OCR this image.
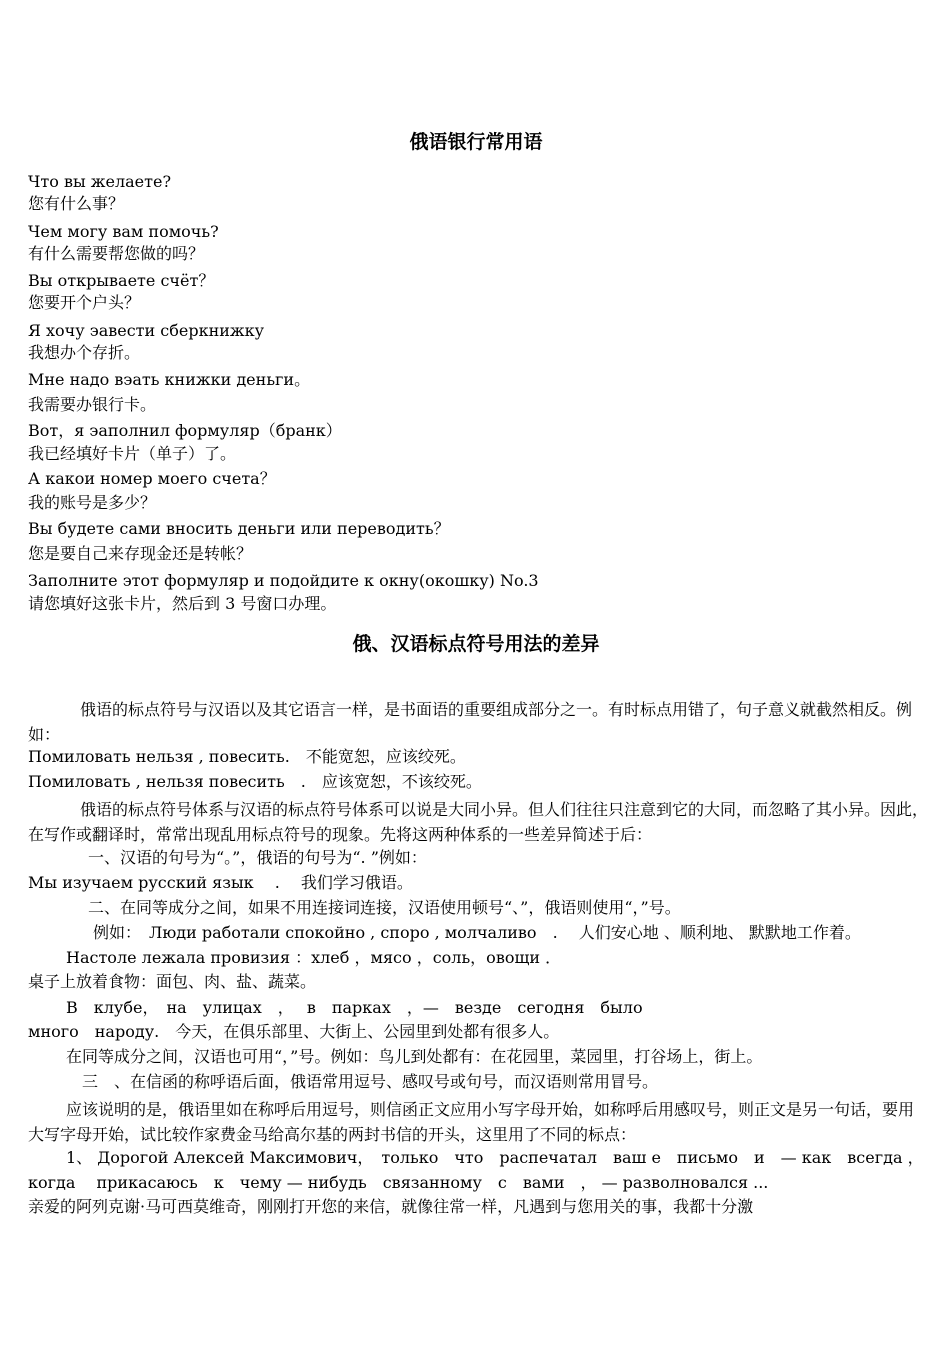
俄语银行常用语
Что вы желаете?
您有什么事？
Чем могу вам помочь?
有什么需要帮您做的吗？
Вы открываете счёт？
您要开个户头？
Я хочу эавести сберкнижку
我想办个存折。
Мне надо вэать книжки деньги。
我需要办银行卡。
Вот，я эаполнил формуляр（бранк）
我已经填好卡片（单子）了。
А какои номер моего счета？
我的账号是多少？
Вы будете сами вносить деньги или переводить？
您是要自己来存现金还是转帐？
Заполните этот формуляр и подойдите к окну(окошку) No.3
请您填好这张卡片，然后到 3 号窗口办理。
俄、汉语标点符号用法的差异
俄语的标点符号与汉语以及其它语言一样，是书面语的重要组成部分之一。有时标点用错了，句子意义就截然相反。例如：
Помиловать нельзя , повесить.　不能宽恕，应该绞死。
Помиловать , нельзя повесить　.　应该宽恕，不该绞死。
俄语的标点符号体系与汉语的标点符号体系可以说是大同小异。但人们往往只注意到它的大同，而忽略了其小异。因此，在写作或翻译时，常常出现乱用标点符号的现象。先将这两种体系的一些差异简述于后：
一、汉语的句号为“。”，俄语的句号为“. ”例如：
Мы изучаем русский язык　 .　 我们学习俄语。
二、在同等成分之间，如果不用连接词连接，汉语使用顿号“、”，俄语则使用“，”号。
例如：　Люди работали спокойно , споро , молчаливо　.　 人们安心地 、顺利地、 默默地工作着。
Настоле лежала провизия ：хлеб ，мясо ，соль，овощи ．
桌子上放着食物：面包、肉、盐、蔬菜。
В　клубе，　на　улицах　，　 в　парках　，—　везде　сегодня　было
много　народу.　今天，在俱乐部里、大街上、公园里到处都有很多人。
在同等成分之间，汉语也可用“，”号。例如：鸟儿到处都有：在花园里，菜园里，打谷场上，街上。
三　、在信函的称呼语后面，俄语常用逗号、感叹号或句号，而汉语则常用冒号。
应该说明的是，俄语里如在称呼后用逗号，则信函正文应用小写字母开始，如称呼后用感叹号，则正文是另一句话，要用大写字母开始，试比较作家费金马给高尔基的两封书信的开头，这里用了不同的标点：
1、 Дорогой Алексей Максимович，　только　что　распечатал　ваш е　письмо　и　— как　всегда ，
когда　 прикасаюсь　к　чему — нибудь　связанному　с　вами　， — разволновался ...
亲爱的阿列克谢·马可西莫维奇，刚刚打开您的来信，就像往常一样，凡遇到与您用关的事，我都十分激
